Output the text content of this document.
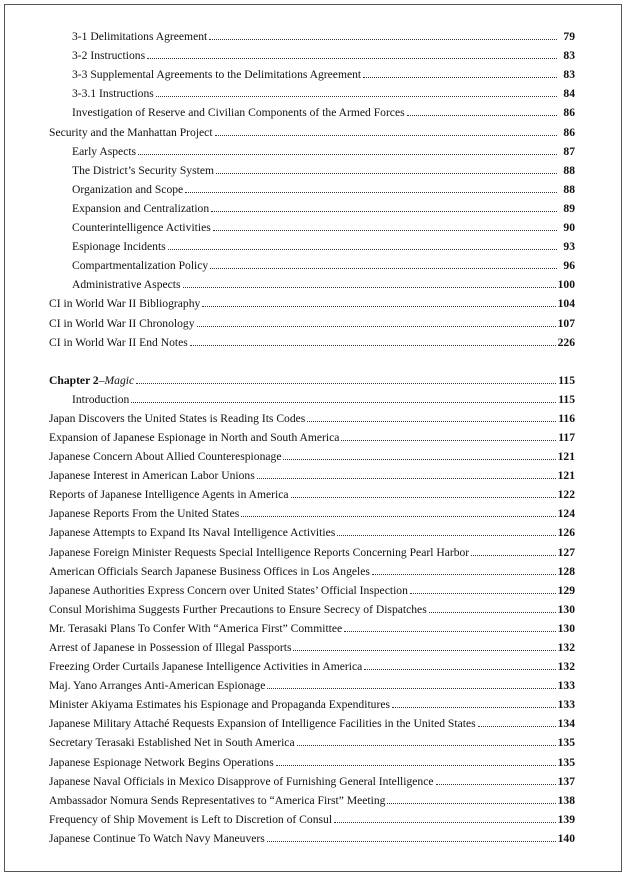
3-1 Delimitations Agreement	79
3-2 Instructions	83
3-3 Supplemental Agreements to the Delimitations Agreement	83
3-3.1 Instructions	84
Investigation of Reserve and Civilian Components of the Armed Forces	86
Security and the Manhattan Project	86
Early Aspects	87
The District’s Security System	88
Organization and Scope	88
Expansion and Centralization	89
Counterintelligence Activities	90
Espionage Incidents	93
Compartmentalization Policy	96
Administrative Aspects	100
CI in World War II Bibliography	104
CI in World War II Chronology	107
CI in World War II End Notes	226
Chapter 2–Magic	115
Introduction	115
Japan Discovers the United States is Reading Its Codes	116
Expansion of Japanese Espionage in North and South America	117
Japanese Concern About Allied Counterespionage	121
Japanese Interest in American Labor Unions	121
Reports of Japanese Intelligence Agents in America	122
Japanese Reports From the United States	124
Japanese Attempts to Expand Its Naval Intelligence Activities	126
Japanese Foreign Minister Requests Special Intelligence Reports Concerning Pearl Harbor	127
American Officials Search Japanese Business Offices in Los Angeles	128
Japanese Authorities Express Concern over United States’ Official Inspection	129
Consul Morishima Suggests Further Precautions to Ensure Secrecy of Dispatches	130
Mr. Terasaki Plans To Confer With “America First” Committee	130
Arrest of Japanese in Possession of Illegal Passports	132
Freezing Order Curtails Japanese Intelligence Activities in America	132
Maj. Yano Arranges Anti-American Espionage	133
Minister Akiyama Estimates his Espionage and Propaganda Expenditures	133
Japanese Military Attaché Requests Expansion of Intelligence Facilities in the United States	134
Secretary Terasaki Established Net in South America	135
Japanese Espionage Network Begins Operations	135
Japanese Naval Officials in Mexico Disapprove of Furnishing General Intelligence	137
Ambassador Nomura Sends Representatives to “America First” Meeting	138
Frequency of Ship Movement is Left to Discretion of Consul	139
Japanese Continue To Watch Navy Maneuvers	140
